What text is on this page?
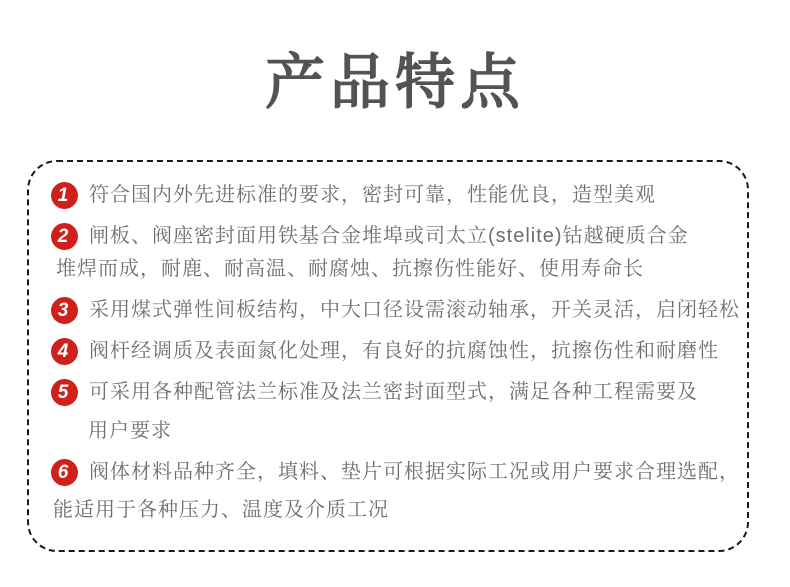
产品特点
1	符合国内外先进标准的要求，密封可靠，性能优良，造型美观
2	闸板、阀座密封面用铁基合金堆埠或司太立(stelite)钴越硬质合金
堆焊而成，耐鹿、耐高温、耐腐烛、抗擦伤性能好、使用寿命长
3	采用煤式弹性间板结构，中大口径设需滚动轴承，开关灵活，启闭轻松
4	阀杆经调质及表面氮化处理，有良好的抗腐蚀性，抗擦伤性和耐磨性
5	可采用各种配管法兰标准及法兰密封面型式，满足各种工程需要及
用户要求
6	阀体材料品种齐全，填料、垫片可根据实际工况或用户要求合理选配，
能适用于各种压力、温度及介质工况
